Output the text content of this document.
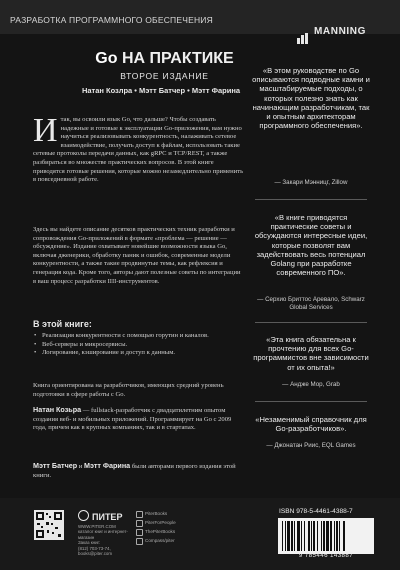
РАЗРАБОТКА ПРОГРАММНОГО ОБЕСПЕЧЕНИЯ
MANNING
Go НА ПРАКТИКЕ
ВТОРОЕ ИЗДАНИЕ
Натан Козлра • Мэтт Батчер • Мэтт Фарина
Итак, вы освоили язык Go, что дальше? Чтобы создавать надежные и готовые к эксплуатации Go-приложения, вам нужно научиться реализовывать конкурентность, налаживать сетевое взаимодействие, получать доступ к файлам, использовать такие сетевые протоколы передачи данных, как gRPC и TCP/REST, а также разбираться во множестве практических вопросов. В этой книге приводятся готовые решения, которые можно незамедлительно применить в повседневной работе.
Здесь вы найдете описание десятков практических техник разработки и сопровождения Go-приложений в формате «проблема — решение — обсуждение». Издание охватывает новейшие возможности языка Go, включая дженерики, обработку паник и ошибок, современные модели конкурентности, а также такие продвинутые темы, как рефлексия и генерация кода. Кроме того, авторы дают полезные советы по интеграции в ваш процесс разработки IIII-инструментов.
В этой книге:
• Реализация конкурентности с помощью горутин и каналов.
• Веб-серверы и микросервисы.
• Логирование, кэширование и доступ к данным.
Книга ориентирована на разработчиков, имеющих средний уровень подготовки в сфере работы с Go.
Натан Козьра — fullstack-разработчик с двадцатилетним опытом создания веб- и мобильных приложений. Программирует на Go с 2009 года, причем как в крупных компаниях, так и в стартапах.
Мэтт Батчер и Мэтт Фарина были авторами первого издания этой книги.
«В этом руководстве по Go описываются подводные камни и масштабируемые подходы, о которых полезно знать как начинающим разработчикам, так и опытным архитекторам программного обеспечения».
— Закари Мэнницг, Zillow
«В книге приводятся практические советы и обсуждаются интересные идеи, которые позволят вам задействовать весь потенциал Golang при разработке современного ПО».
— Серхио Бриттос Аревало, Schwarz Global Services
«Эта книга обязательна к прочтению для всех Go-программистов вне зависимости от их опыта!»
— Андже Мор, Grab
«Незаменимый справочник для Go-разработчиков».
— Джонатан Риис, EQL Games
ПИТЕР
WWW.PITER.COM
каталог книг и интернет-магазин
Заказ книг:
(812) 703-73-74, books@piter.com
PiterBooks
PiterForPeople
ThePiterBooks
Compass/piter
ISBN 978-5-4461-4388-7
9 785446 143887
